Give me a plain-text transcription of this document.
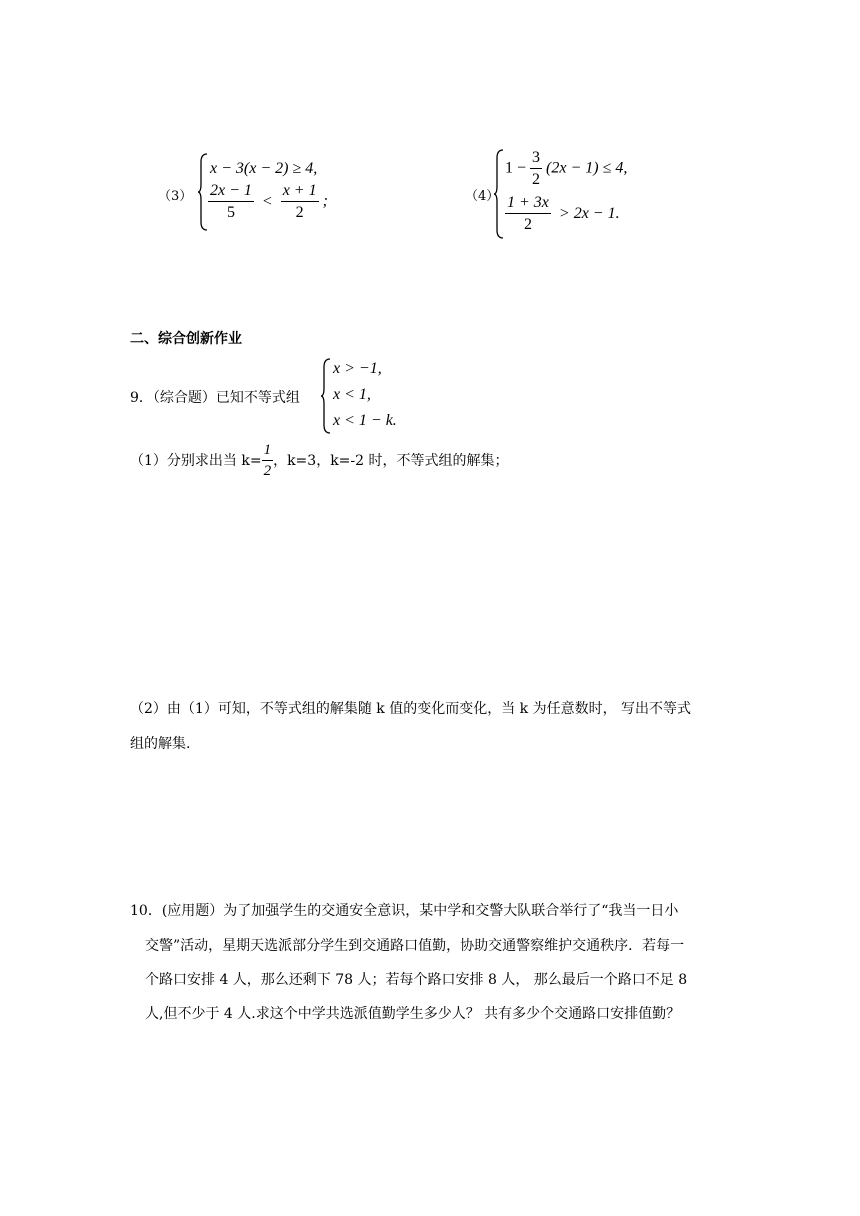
（3）
x − 3(x − 2) ≥ 4,
$\frac{2x - 1}{5} < \frac{x + 1}{2}$ ;	（4）
$1 - \frac{3}{2} (2x - 1) \le 4$,
$\frac{1 + 3x}{2} > 2x - 1$.
二、综合创新作业
9．（综合题）已知不等式组
x > −1,
x < 1,
x < 1 − k.
（1）分别求出当 $k= \frac{1}{2}$ ，k=3，k=-2 时，不等式组的解集；
（2）由（1）可知，不等式组的解集随 k 值的变化而变化，当 k 为任意数时， 写出不等式
组的解集.
10．(应用题）为了加强学生的交通安全意识，某中学和交警大队联合举行了“我当一日小
交警”活动，星期天选派部分学生到交通路口值勤，协助交通警察维护交通秩序．若每一
个路口安排 4 人，那么还剩下 78 人；若每个路口安排 8 人， 那么最后一个路口不足 8
人,但不少于 4 人.求这个中学共选派值勤学生多少人？ 共有多少个交通路口安排值勤？
